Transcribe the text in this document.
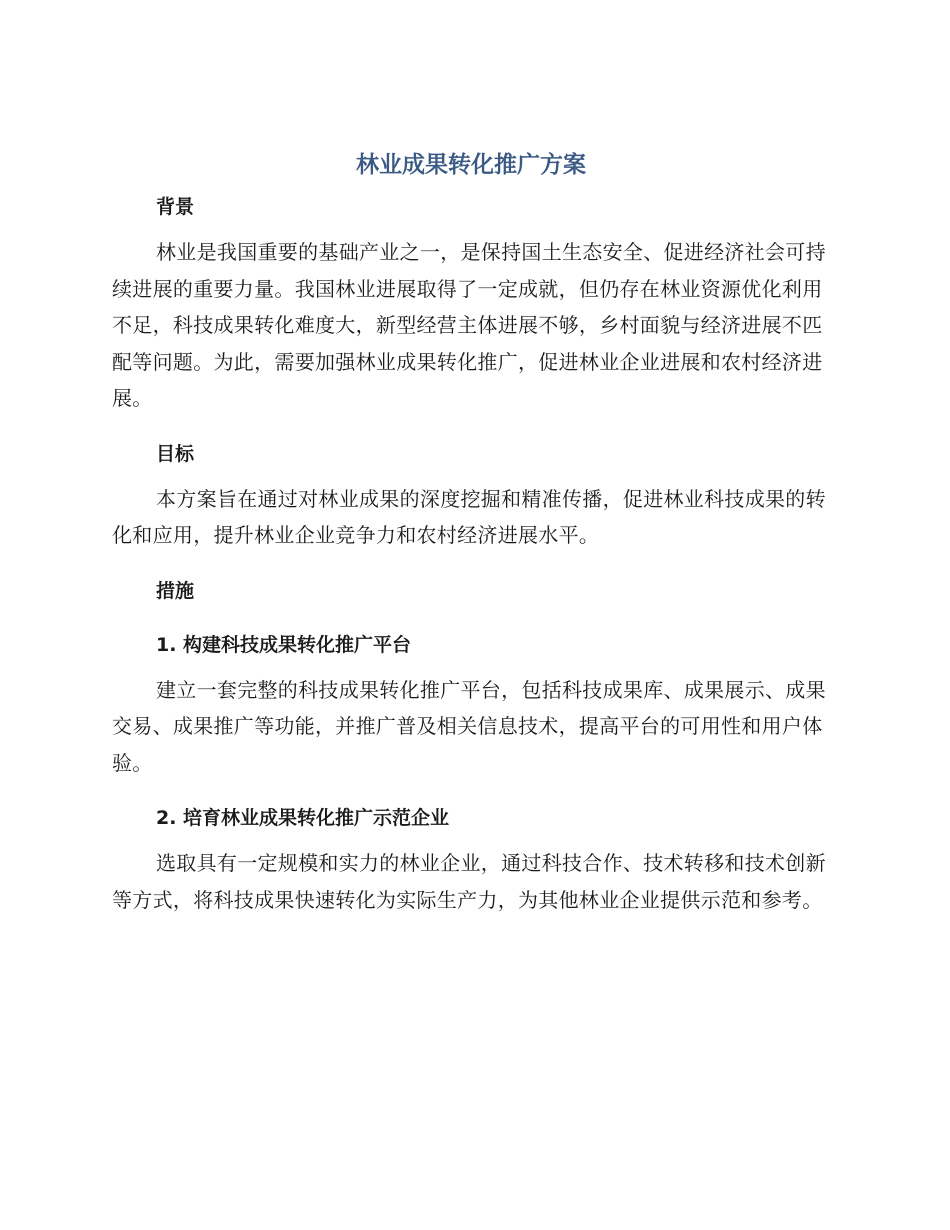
林业成果转化推广方案
背景

林业是我国重要的基础产业之一，是保持国土生态安全、促进经济社会可持续进展的重要力量。我国林业进展取得了一定成就，但仍存在林业资源优化利用不足，科技成果转化难度大，新型经营主体进展不够，乡村面貌与经济进展不匹配等问题。为此，需要加强林业成果转化推广，促进林业企业进展和农村经济进展。

目标

本方案旨在通过对林业成果的深度挖掘和精准传播，促进林业科技成果的转化和应用，提升林业企业竞争力和农村经济进展水平。

措施
1. 构建科技成果转化推广平台

建立一套完整的科技成果转化推广平台，包括科技成果库、成果展示、成果交易、成果推广等功能，并推广普及相关信息技术，提高平台的可用性和用户体验。

2. 培育林业成果转化推广示范企业

选取具有一定规模和实力的林业企业，通过科技合作、技术转移和技术创新等方式，将科技成果快速转化为实际生产力，为其他林业企业提供示范和参考。
